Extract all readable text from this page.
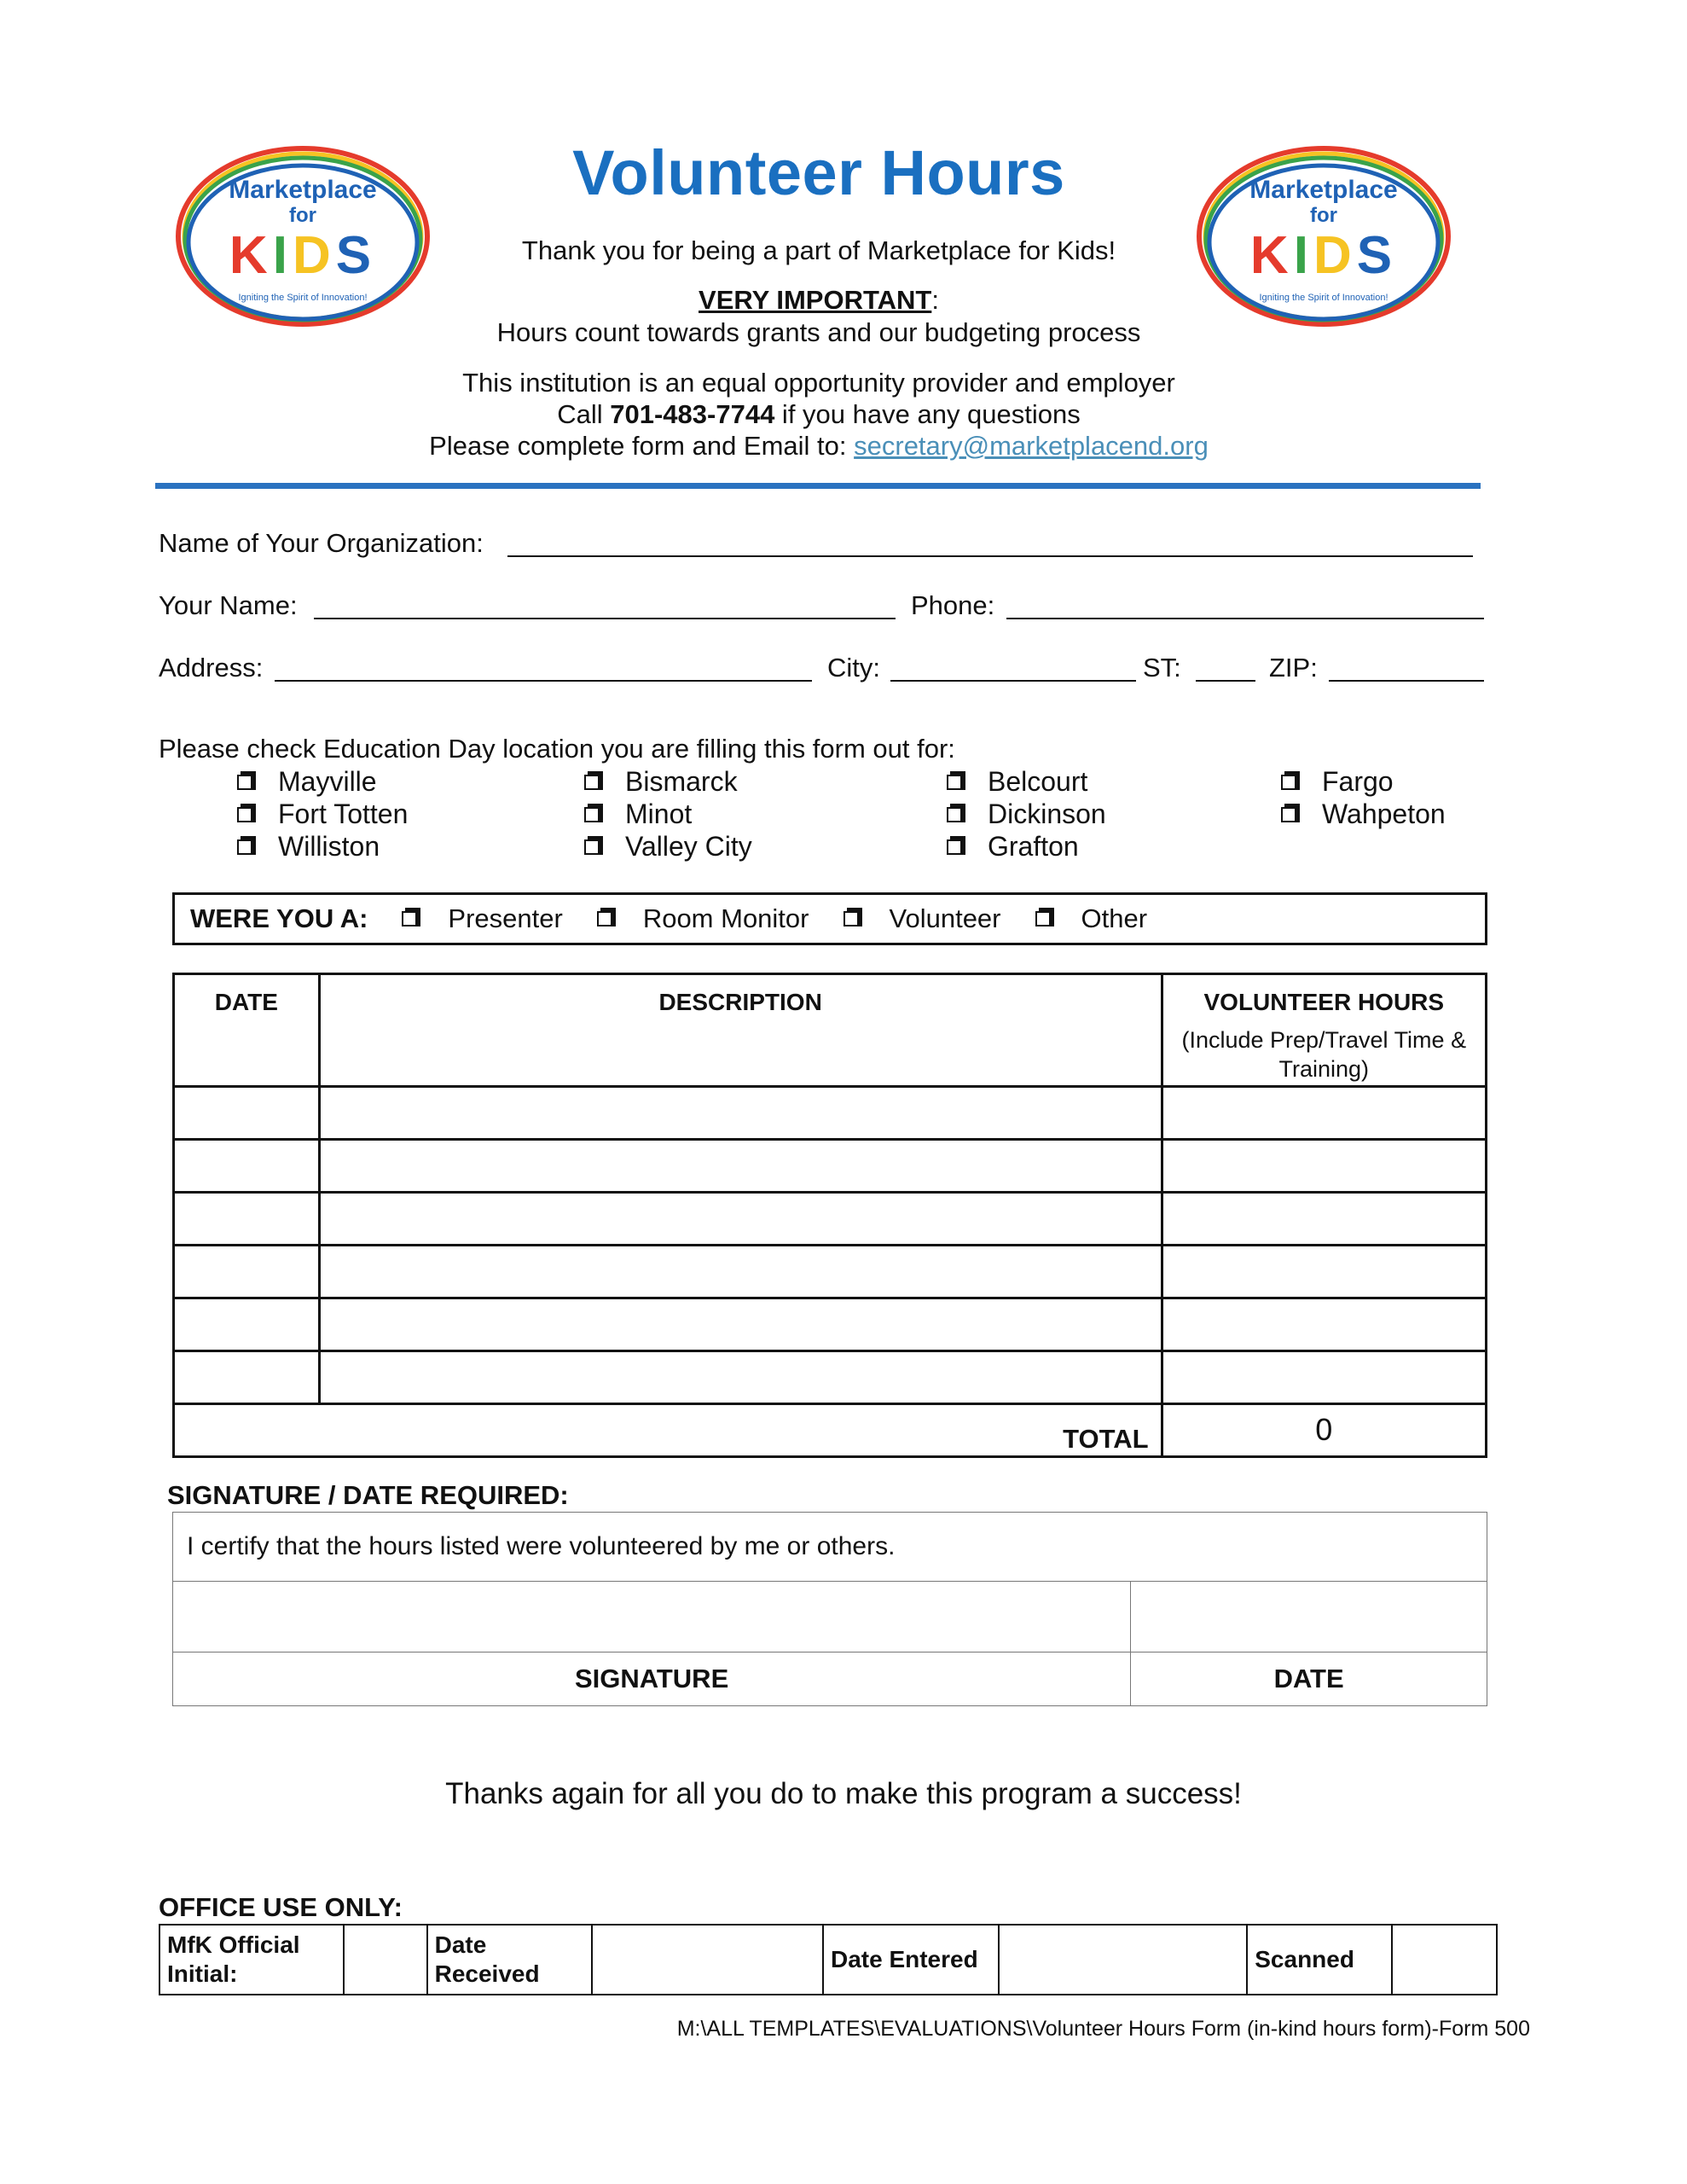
Marketplace
for
KIDS
Igniting the Spirit of Innovation!
Marketplace
for
KIDS
Igniting the Spirit of Innovation!
Volunteer Hours
Thank you for being a part of Marketplace for Kids!
VERY IMPORTANT:
Hours count towards grants and our budgeting process
This institution is an equal opportunity provider and employer
Call 701-483-7744 if you have any questions
Please complete form and Email to: secretary@marketplacend.org
Name of Your Organization:
Your Name:	Phone:
Address:	City:	ST:	ZIP:
Please check Education Day location you are filling this form out for:
Mayville
Fort Totten
Williston
Bismarck
Minot
Valley City
Belcourt
Dickinson
Grafton
Fargo
Wahpeton
WERE YOU A:	Presenter	Room Monitor	Volunteer	Other
DATE	DESCRIPTION	VOLUNTEER HOURS
(Include Prep/Travel Time & Training)

TOTAL		0
SIGNATURE / DATE REQUIRED:
I certify that the hours listed were volunteered by me or others.	

SIGNATURE	DATE
Thanks again for all you do to make this program a success!
OFFICE USE ONLY:
MfK Official Initial:		Date Received		Date Entered		Scanned	
M:\ALL TEMPLATES\EVALUATIONS\Volunteer Hours Form (in-kind hours form)-Form 500
